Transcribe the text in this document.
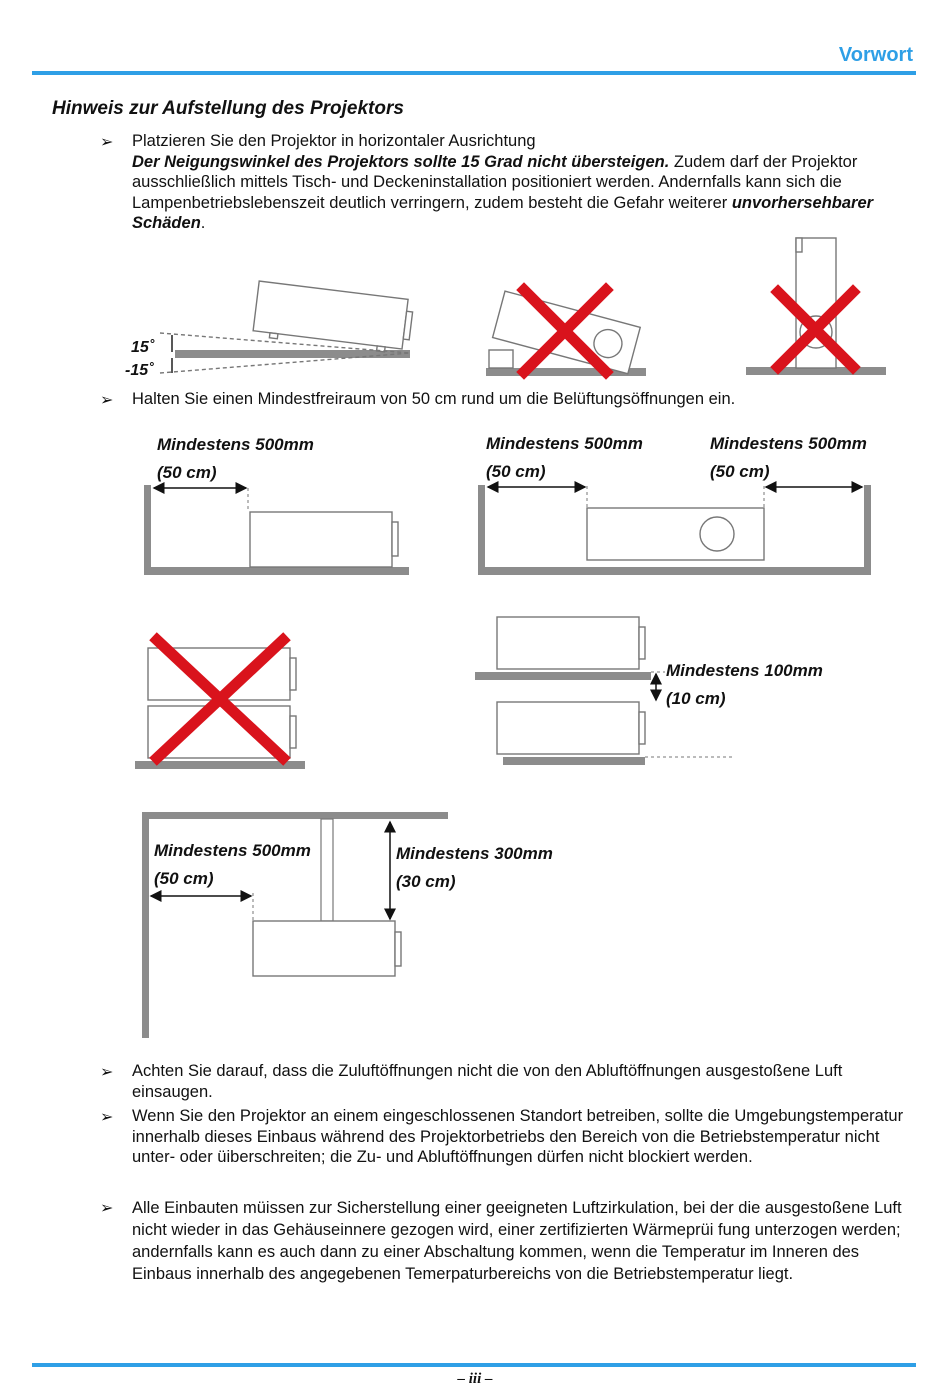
Vorwort
Hinweis zur Aufstellung des Projektors
➢ Platzieren Sie den Projektor in horizontaler Ausrichtung

Der Neigungswinkel des Projektors sollte 15 Grad nicht übersteigen. Zudem darf der Projektor ausschließlich mittels Tisch- und Deckeninstallation positioniert werden. Andernfalls kann sich die Lampenbetriebslebenszeit deutlich verringern, zudem besteht die Gefahr weiterer unvorhersehbarer Schäden.

15˚
-15˚
➢ Halten Sie einen Mindestfreiraum von 50 cm rund um die Belüftungsöffnungen ein.
Mindestens 500mm
(50 cm)
Mindestens 500mm
(50 cm)
Mindestens 500mm
(50 cm)
Mindestens 100mm
(10 cm)
Mindestens 500mm
(50 cm)
Mindestens 300mm
(30 cm)
➢ Achten Sie darauf, dass die Zuluftöffnungen nicht die von den Abluftöffnungen ausgestoßene Luft einsaugen.
➢ Wenn Sie den Projektor an einem eingeschlossenen Standort betreiben, sollte die Umgebungstemperatur innerhalb dieses Einbaus während des Projektorbetriebs den Bereich von die Betriebstemperatur nicht unter- oder üiberschreiten; die Zu- und Abluftöffnungen dürfen nicht blockiert werden.
➢ Alle Einbauten müissen zur Sicherstellung einer geeigneten Luftzirkulation, bei der die ausgestoßene Luft nicht wieder in das Gehäuseinnere gezogen wird, einer zertifizierten Wärmeprüi fung unterzogen werden; andernfalls kann es auch dann zu einer Abschaltung kommen, wenn die Temperatur im Inneren des Einbaus innerhalb des angegebenen Temerpaturbereichs von die Betriebstemperatur liegt.
– iii –
